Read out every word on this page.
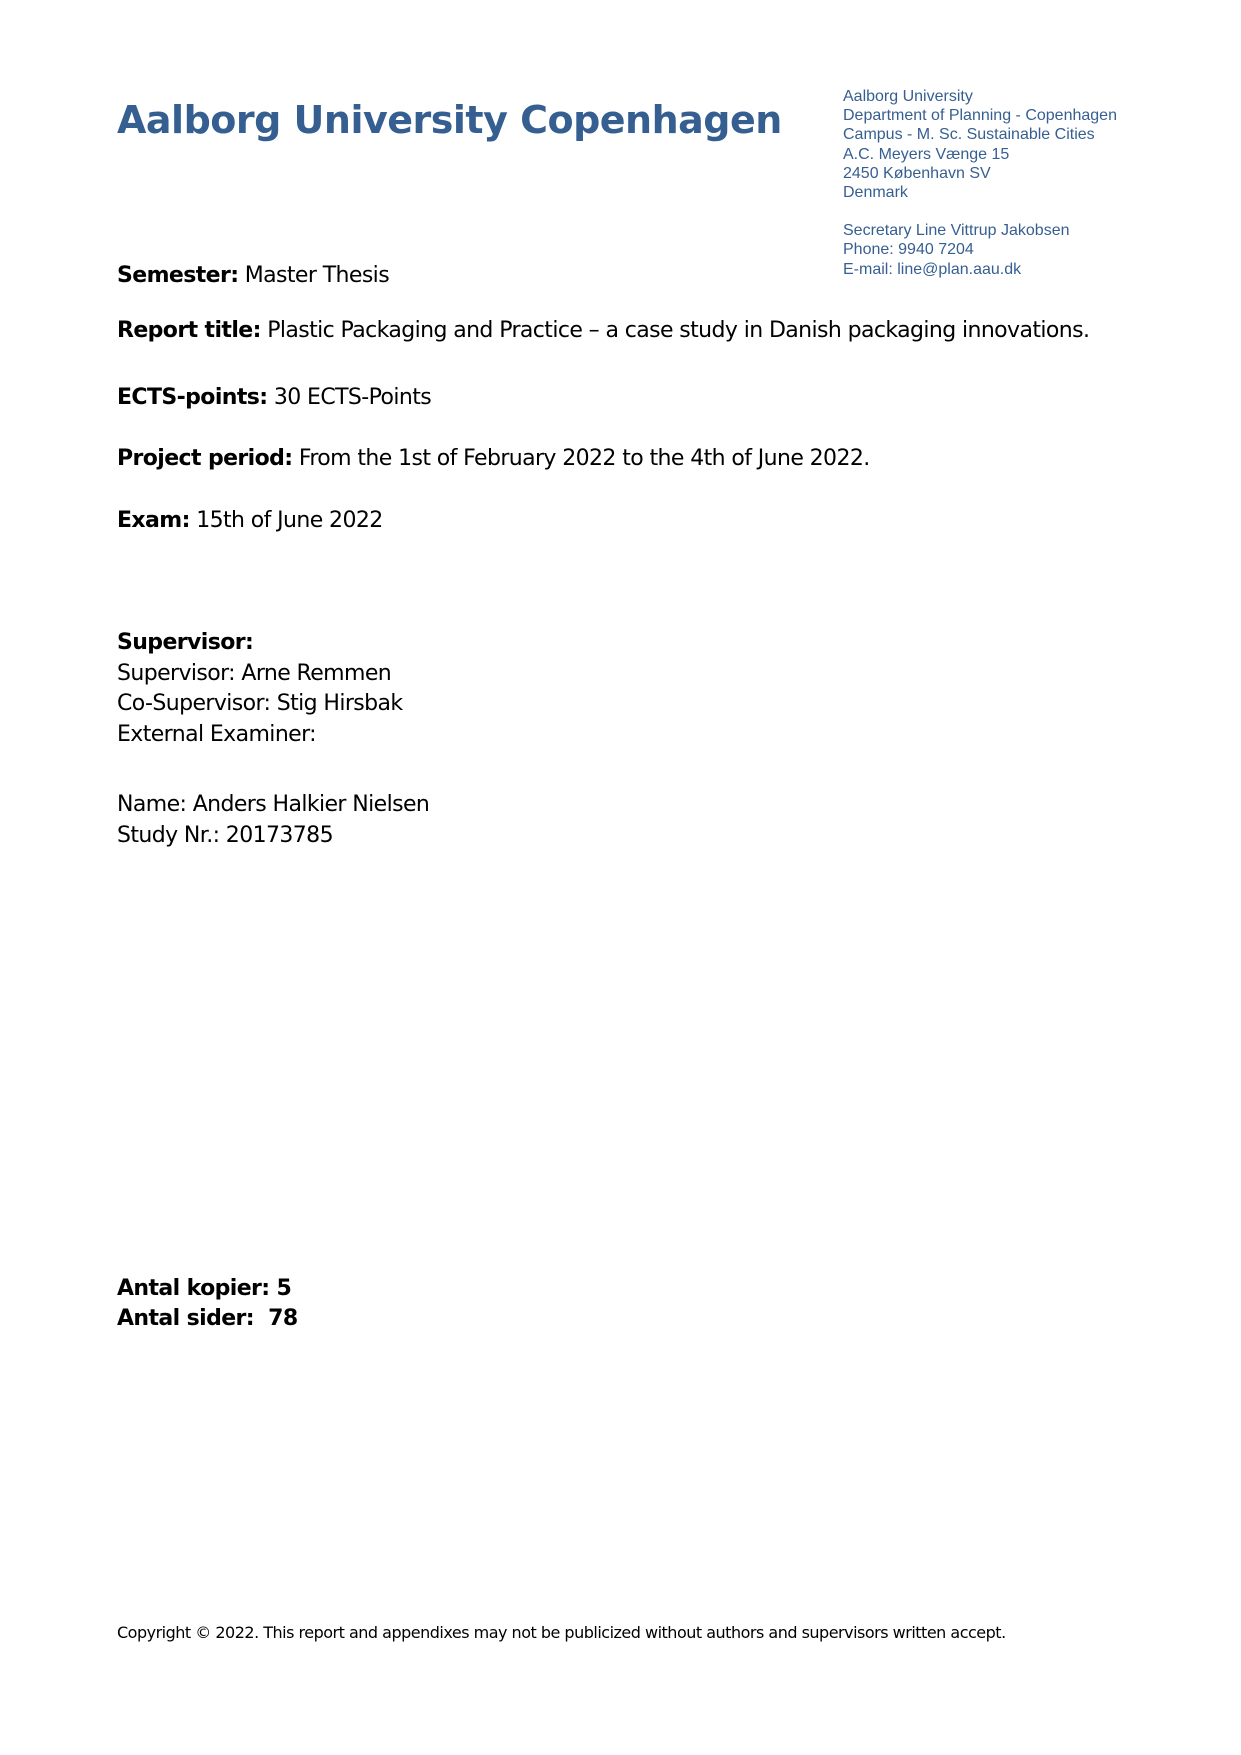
Aalborg University Copenhagen
Aalborg University
Department of Planning - Copenhagen
Campus - M. Sc. Sustainable Cities
A.C. Meyers Vænge 15
2450 København SV
Denmark
Secretary Line Vittrup Jakobsen
Phone: 9940 7204
E-mail: line@plan.aau.dk
Semester: Master Thesis
Report title: Plastic Packaging and Practice – a case study in Danish packaging innovations.
ECTS-points: 30 ECTS-Points
Project period: From the 1st of February 2022 to the 4th of June 2022.
Exam: 15th of June 2022
Supervisor:
Supervisor: Arne Remmen
Co-Supervisor: Stig Hirsbak
External Examiner:
Name: Anders Halkier Nielsen
Study Nr.: 20173785
Antal kopier: 5
Antal sider:  78
Copyright © 2022. This report and appendixes may not be publicized without authors and supervisors written accept.
